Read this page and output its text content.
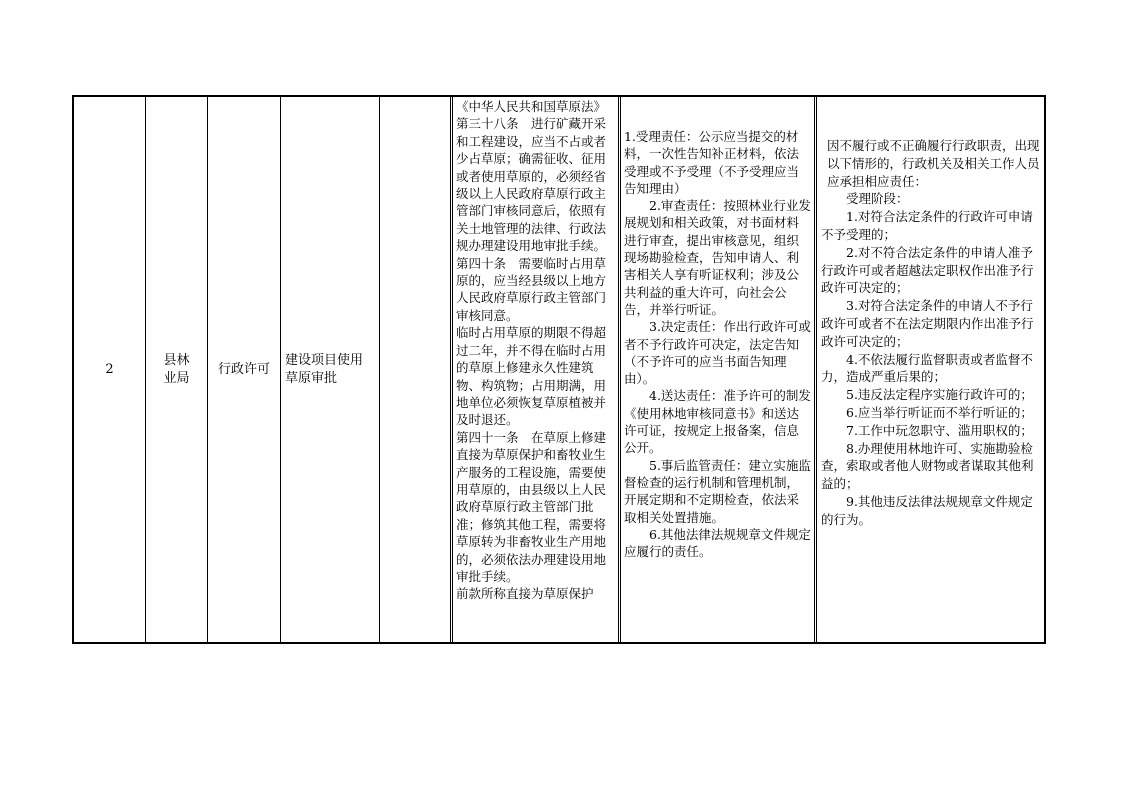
2
县林业局
行政许可
建设项目使用草原审批

《中华人民共和国草原法》第三十八条　进行矿藏开采和工程建设，应当不占或者少占草原；确需征收、征用或者使用草原的，必须经省级以上人民政府草原行政主管部门审核同意后，依照有关土地管理的法律、行政法规办理建设用地审批手续。

第四十条　需要临时占用草原的，应当经县级以上地方人民政府草原行政主管部门审核同意。

临时占用草原的期限不得超过二年，并不得在临时占用的草原上修建永久性建筑物、构筑物；占用期满，用地单位必须恢复草原植被并及时退还。

第四十一条　在草原上修建直接为草原保护和畜牧业生产服务的工程设施，需要使用草原的，由县级以上人民政府草原行政主管部门批准；修筑其他工程，需要将草原转为非畜牧业生产用地的，必须依法办理建设用地审批手续。

前款所称直接为草原保护

1.受理责任：公示应当提交的材料，一次性告知补正材料，依法受理或不予受理（不予受理应当告知理由）

2.审查责任：按照林业行业发展规划和相关政策，对书面材料进行审查，提出审核意见，组织现场勘验检查，告知申请人、利害相关人享有听证权利；涉及公共利益的重大许可，向社会公告，并举行听证。

3.决定责任：作出行政许可或者不予行政许可决定，法定告知（不予许可的应当书面告知理由）。

4.送达责任：准予许可的制发《使用林地审核同意书》和送达许可证，按规定上报备案，信息公开。

5.事后监管责任：建立实施监督检查的运行机制和管理机制，开展定期和不定期检查，依法采取相关处置措施。

6.其他法律法规规章文件规定应履行的责任。

因不履行或不正确履行行政职责，出现以下情形的，行政机关及相关工作人员应承担相应责任：

受理阶段：

1.对符合法定条件的行政许可申请不予受理的；

2.对不符合法定条件的申请人准予行政许可或者超越法定职权作出准予行政许可决定的；

3.对符合法定条件的申请人不予行政许可或者不在法定期限内作出准予行政许可决定的；

4.不依法履行监督职责或者监督不力，造成严重后果的；

5.违反法定程序实施行政许可的；

6.应当举行听证而不举行听证的；

7.工作中玩忽职守、滥用职权的；

8.办理使用林地许可、实施勘验检查，索取或者他人财物或者谋取其他利益的；

9.其他违反法律法规规章文件规定的行为。
